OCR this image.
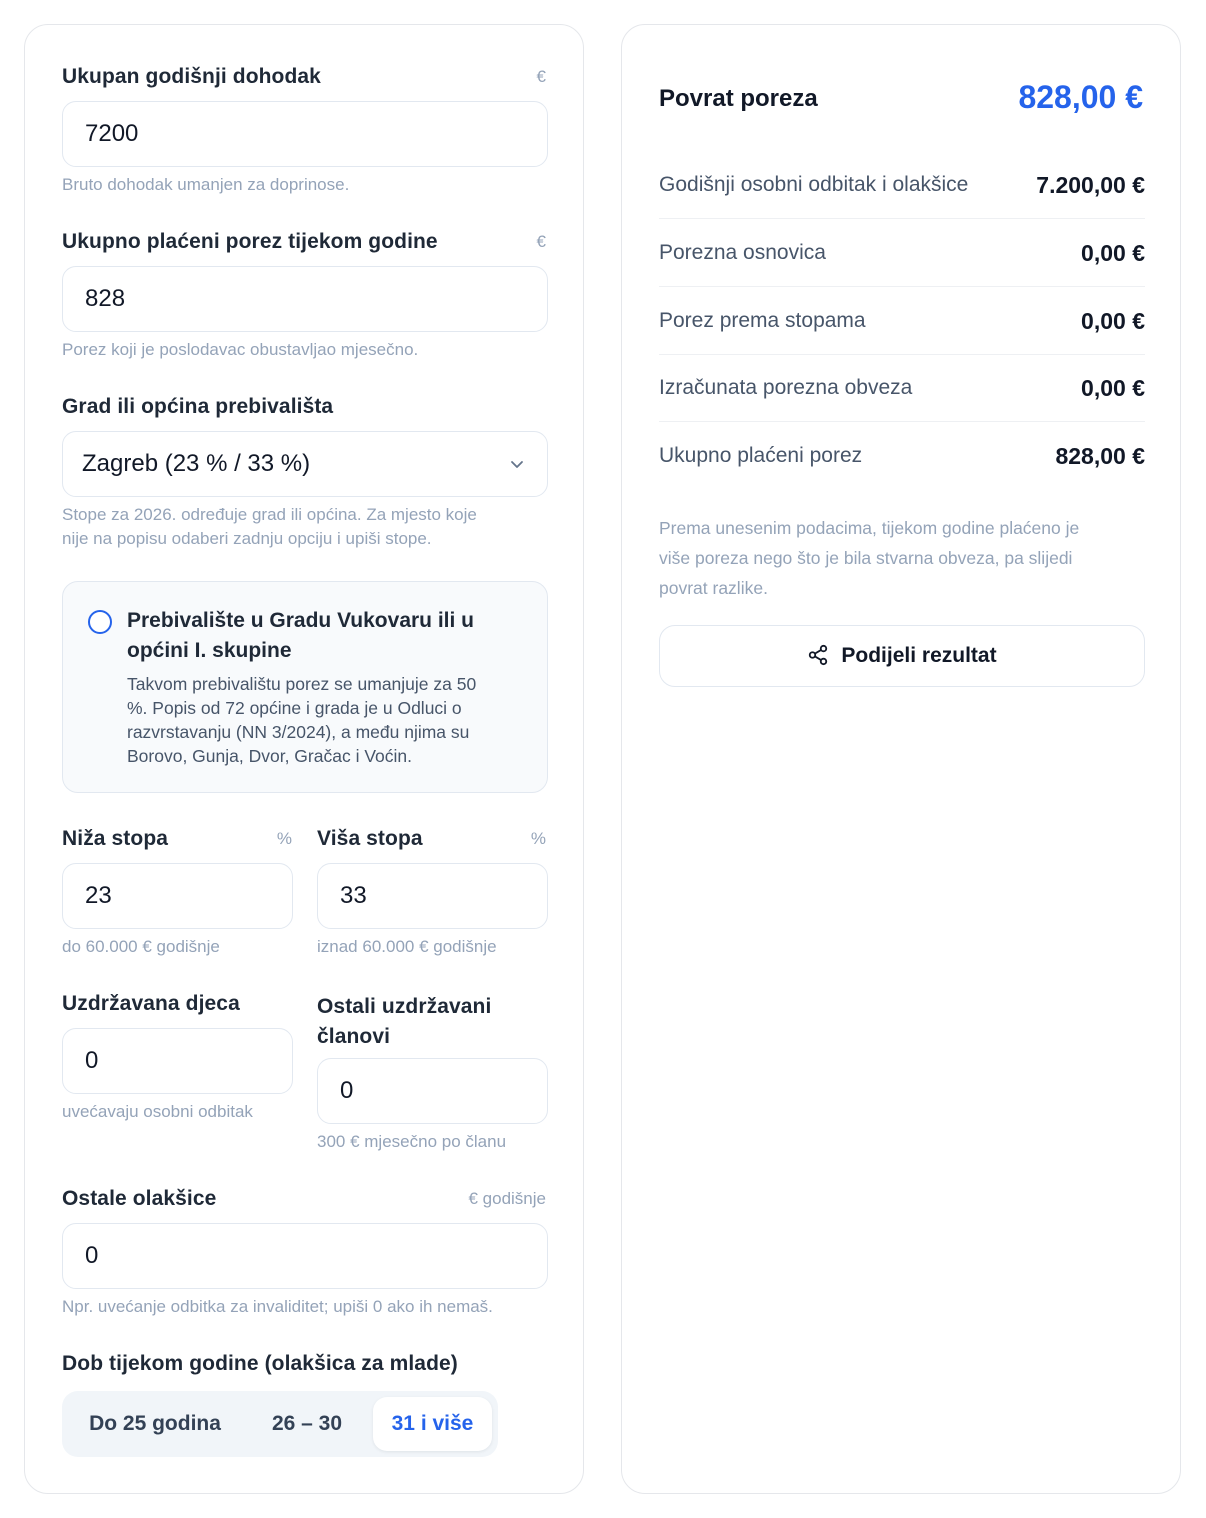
Ukupan godišnji dohodak	€
7200
Bruto dohodak umanjen za doprinose.
Ukupno plaćeni porez tijekom godine	€
828
Porez koji je poslodavac obustavljao mjesečno.
Grad ili općina prebivališta
Zagreb (23 % / 33 %)
Stope za 2026. određuje grad ili općina. Za mjesto koje
nije na popisu odaberi zadnju opciju i upiši stope.
Prebivalište u Gradu Vukovaru ili u
općini I. skupine
Takvom prebivalištu porez se umanjuje za 50
%. Popis od 72 općine i grada je u Odluci o
razvrstavanju (NN 3/2024), a među njima su
Borovo, Gunja, Dvor, Gračac i Voćin.
Niža stopa	%
23
do 60.000 € godišnje
Viša stopa	%
33
iznad 60.000 € godišnje
Uzdržavana djeca
0
uvećavaju osobni odbitak
Ostali uzdržavani
članovi
0
300 € mjesečno po članu
Ostale olakšice	€ godišnje
0
Npr. uvećanje odbitka za invaliditet; upiši 0 ako ih nemaš.
Dob tijekom godine (olakšica za mlade)
Do 25 godina	26 – 30	31 i više
Povrat poreza	828,00 €
Godišnji osobni odbitak i olakšice	7.200,00 €
Porezna osnovica	0,00 €
Porez prema stopama	0,00 €
Izračunata porezna obveza	0,00 €
Ukupno plaćeni porez	828,00 €
Prema unesenim podacima, tijekom godine plaćeno je
više poreza nego što je bila stvarna obveza, pa slijedi
povrat razlike.
Podijeli rezultat
